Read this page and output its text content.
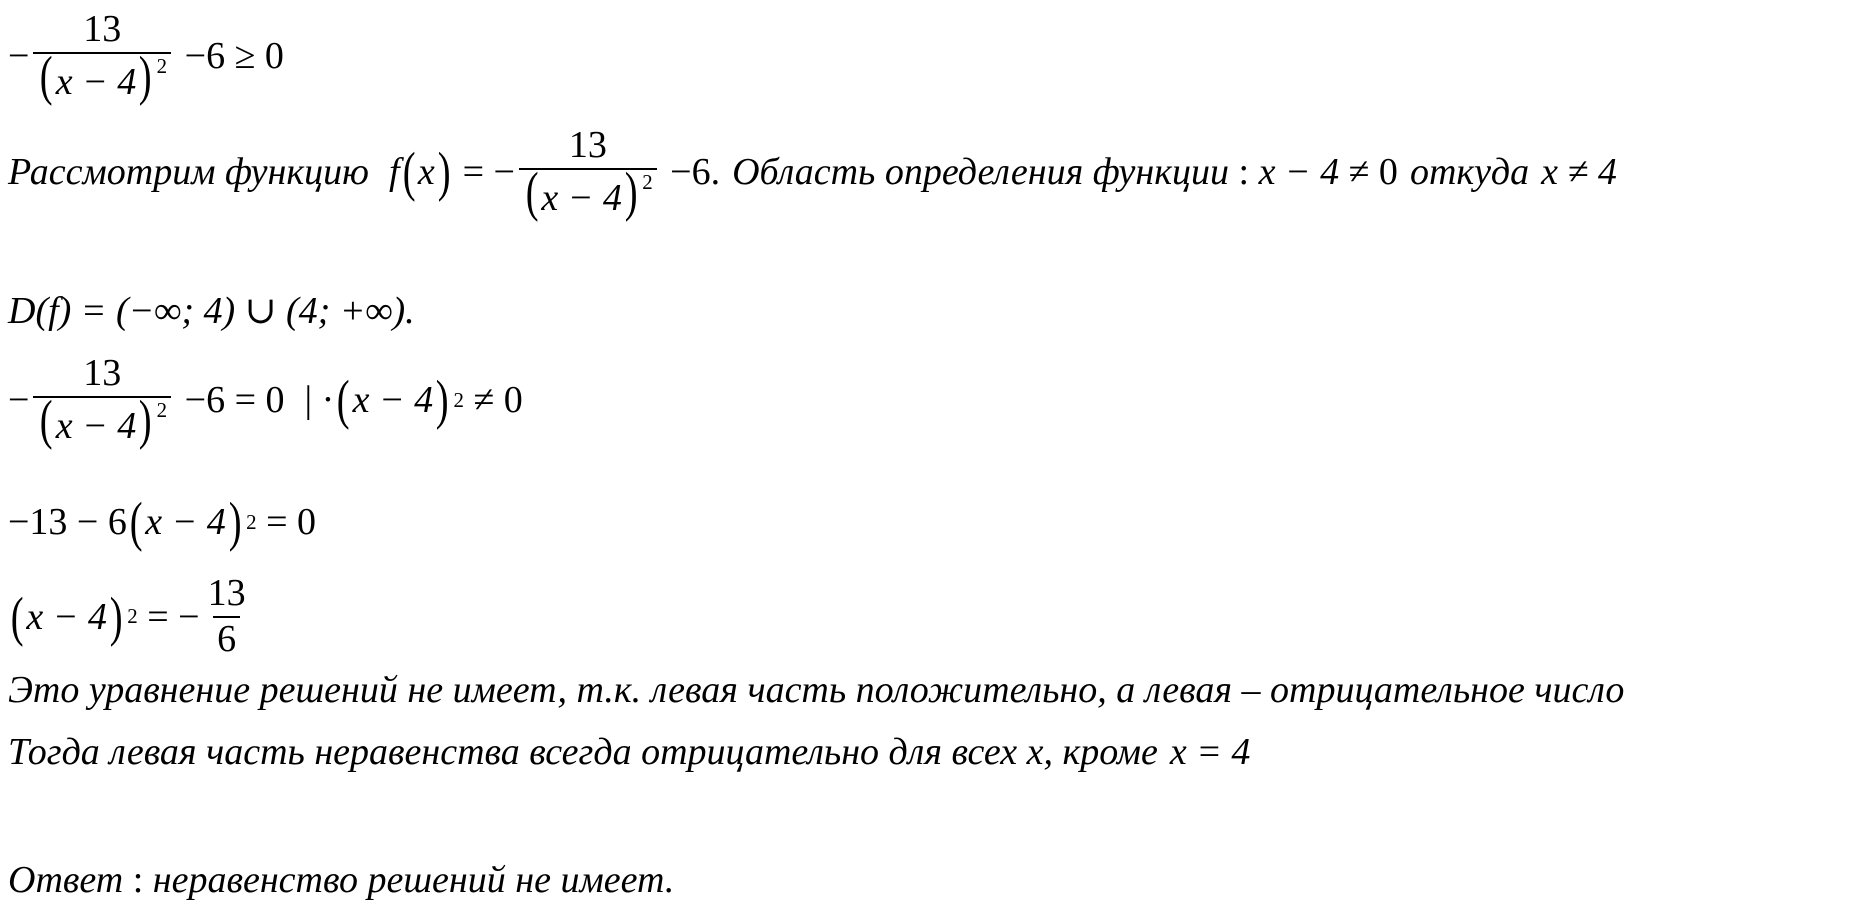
− $\frac{13}{(x - 4) ^2} - 6$
≥ 0
Рассмотрим функцию f ( x ) = − $\frac{13}{(x - 4) ^2} - 6$ . Область определения функции : x − 4
≠ 0 откуда x ≠ 4
D(f) = (−∞; 4) ∪ (4; +∞).
− $\frac{13}{(x - 4) ^2} - 6$
= 0 | · ( x − 4 ) 2
≠ 0
−13 − 6 ( x − 4 ) 2
= 0
( x − 4 ) 2
= − $\frac{13}{6}$
Это уравнение решений не имеет, т.к. левая часть положительно, а левая – отрицательное число
Тогда левая часть неравенства всегда отрицательно для всех x, кроме x = 4
Ответ : неравенство решений не имеет.
